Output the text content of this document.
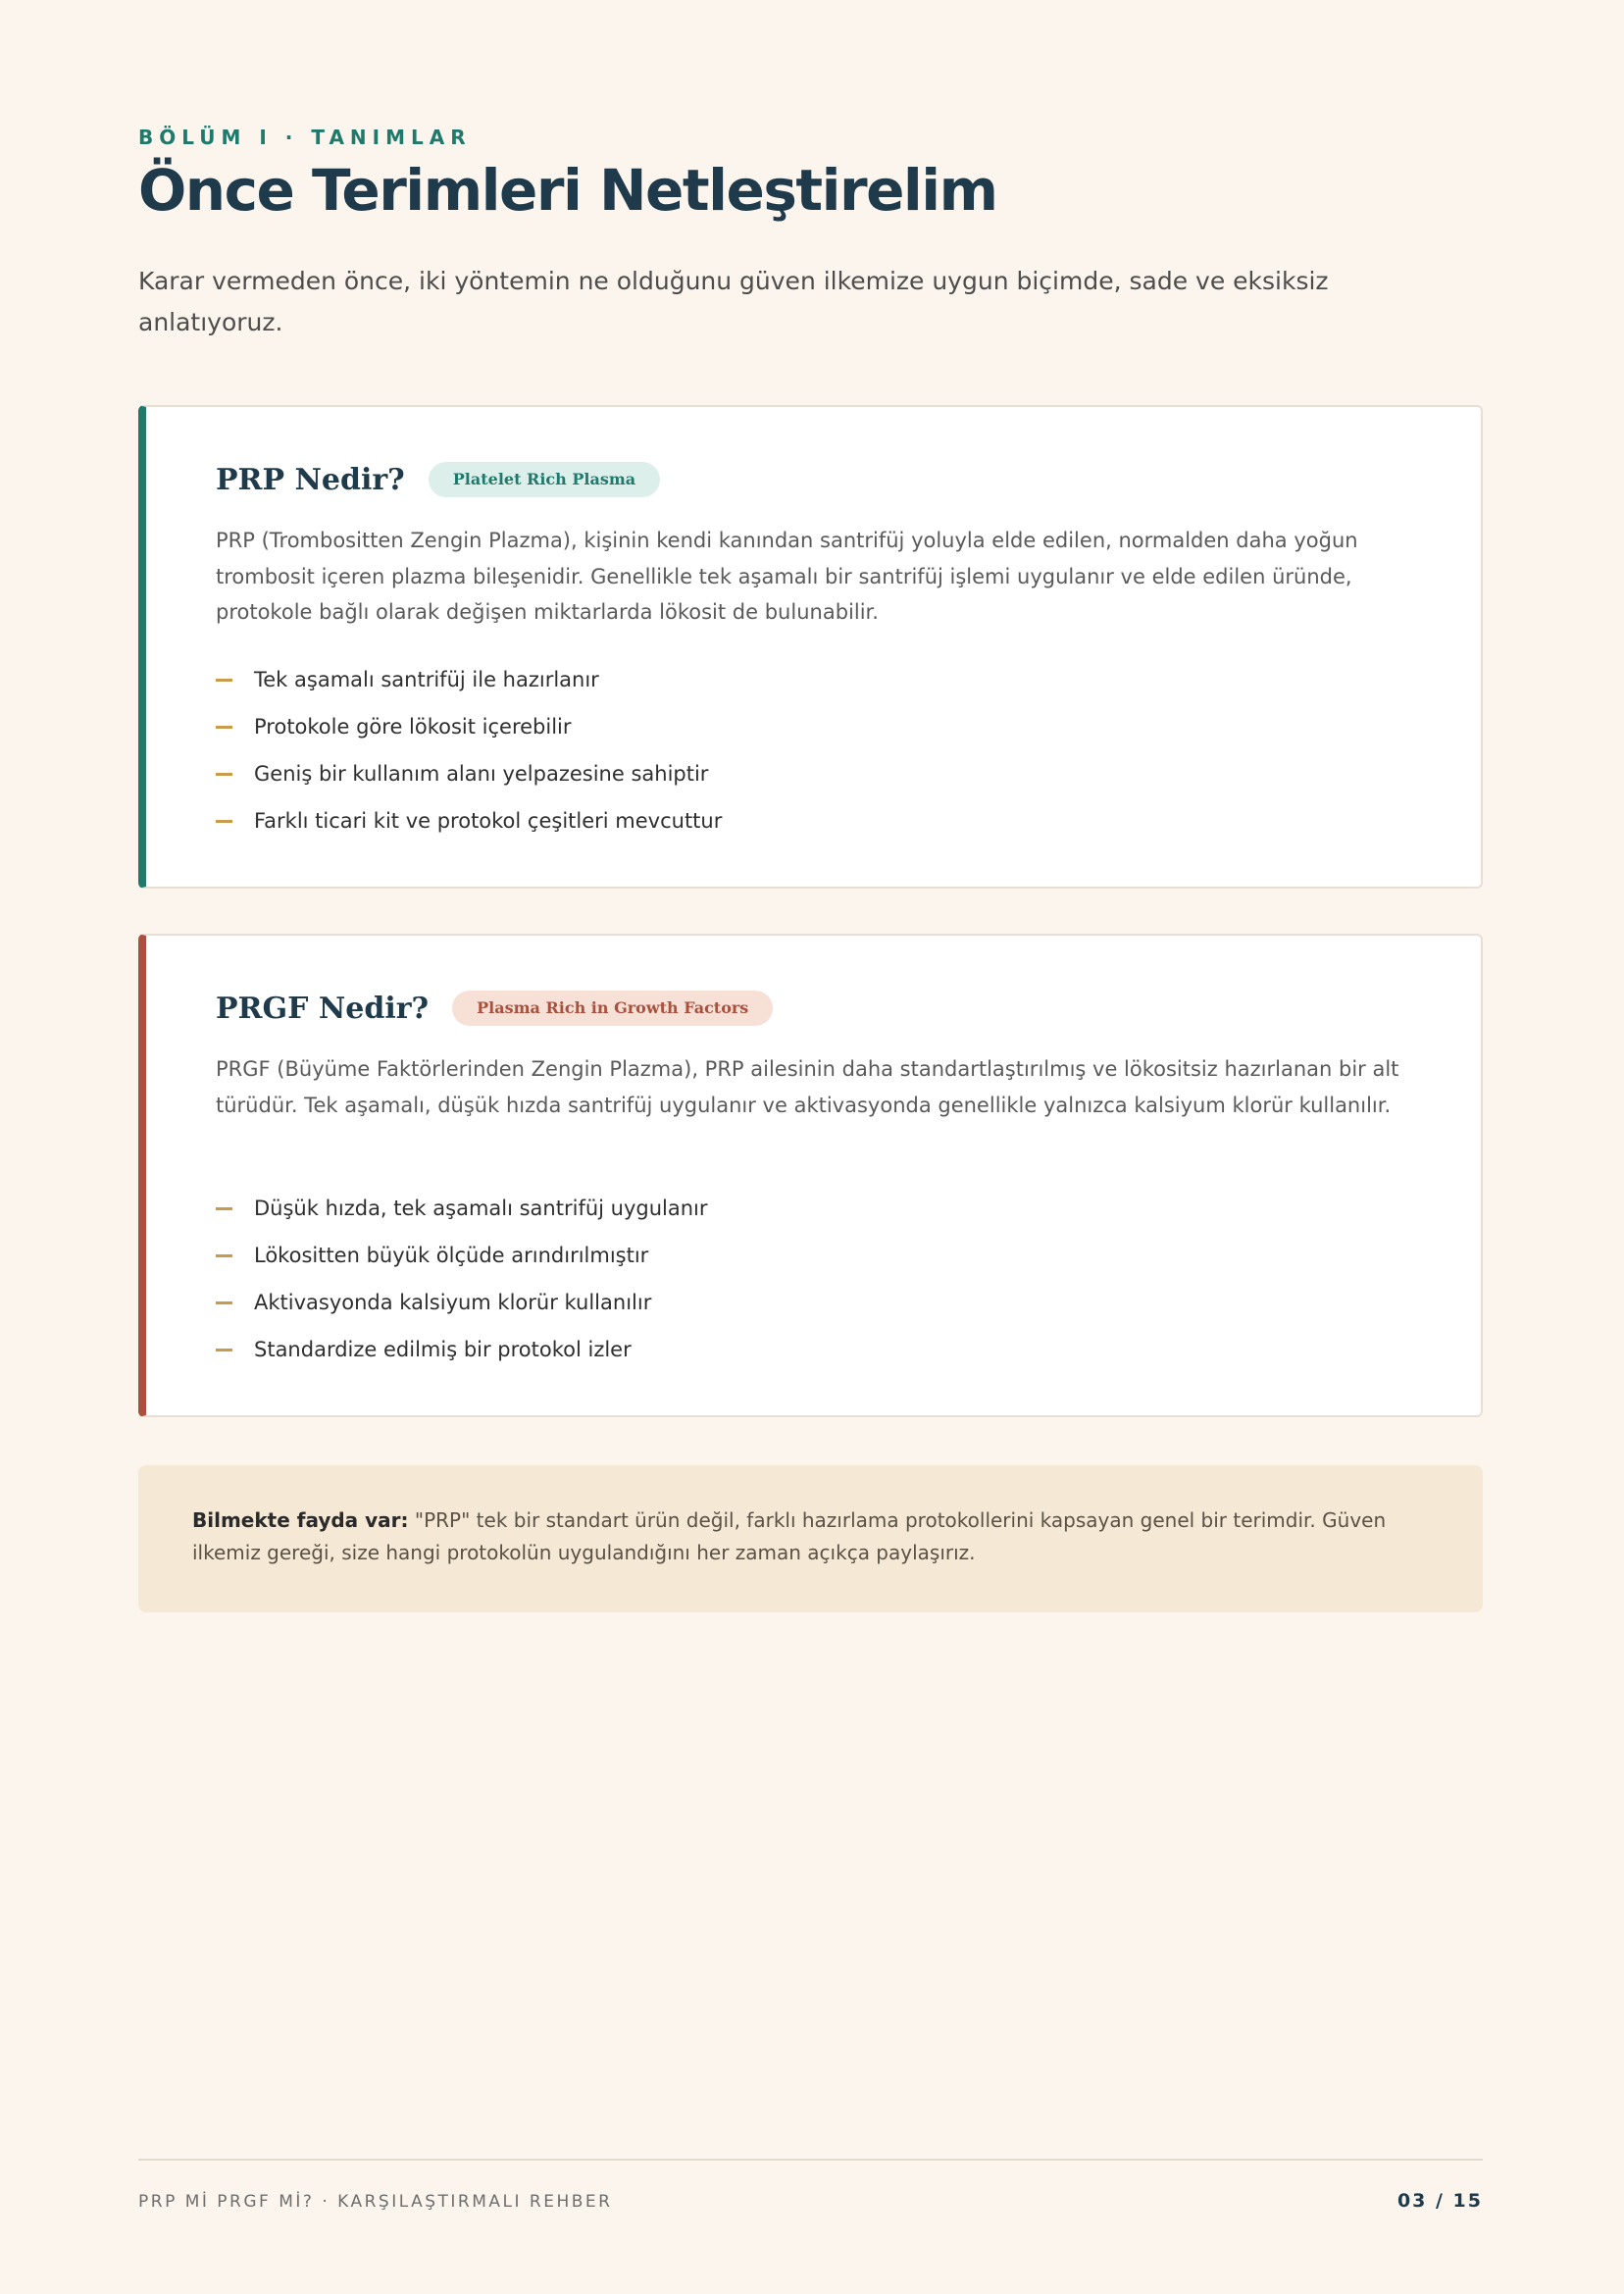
BÖLÜM I · TANIMLAR
Önce Terimleri Netleştirelim

Karar vermeden önce, iki yöntemin ne olduğunu güven ilkemize uygun biçimde, sade ve eksiksiz anlatıyoruz.

PRP Nedir?	Platelet Rich Plasma

PRP (Trombositten Zengin Plazma), kişinin kendi kanından santrifüj yoluyla elde edilen, normalden daha yoğun trombosit içeren plazma bileşenidir. Genellikle tek aşamalı bir santrifüj işlemi uygulanır ve elde edilen üründe, protokole bağlı olarak değişen miktarlarda lökosit de bulunabilir.

Tek aşamalı santrifüj ile hazırlanır
Protokole göre lökosit içerebilir
Geniş bir kullanım alanı yelpazesine sahiptir
Farklı ticari kit ve protokol çeşitleri mevcuttur
PRGF Nedir?	Plasma Rich in Growth Factors

PRGF (Büyüme Faktörlerinden Zengin Plazma), PRP ailesinin daha standartlaştırılmış ve lökositsiz hazırlanan bir alt türüdür. Tek aşamalı, düşük hızda santrifüj uygulanır ve aktivasyonda genellikle yalnızca kalsiyum klorür kullanılır.

Düşük hızda, tek aşamalı santrifüj uygulanır
Lökositten büyük ölçüde arındırılmıştır
Aktivasyonda kalsiyum klorür kullanılır
Standardize edilmiş bir protokol izler
Bilmekte fayda var: "PRP" tek bir standart ürün değil, farklı hazırlama protokollerini kapsayan genel bir terimdir. Güven ilkemiz gereği, size hangi protokolün uygulandığını her zaman açıkça paylaşırız.
PRP Mİ PRGF Mİ? · KARŞILAŞTIRMALI REHBER	03 / 15
